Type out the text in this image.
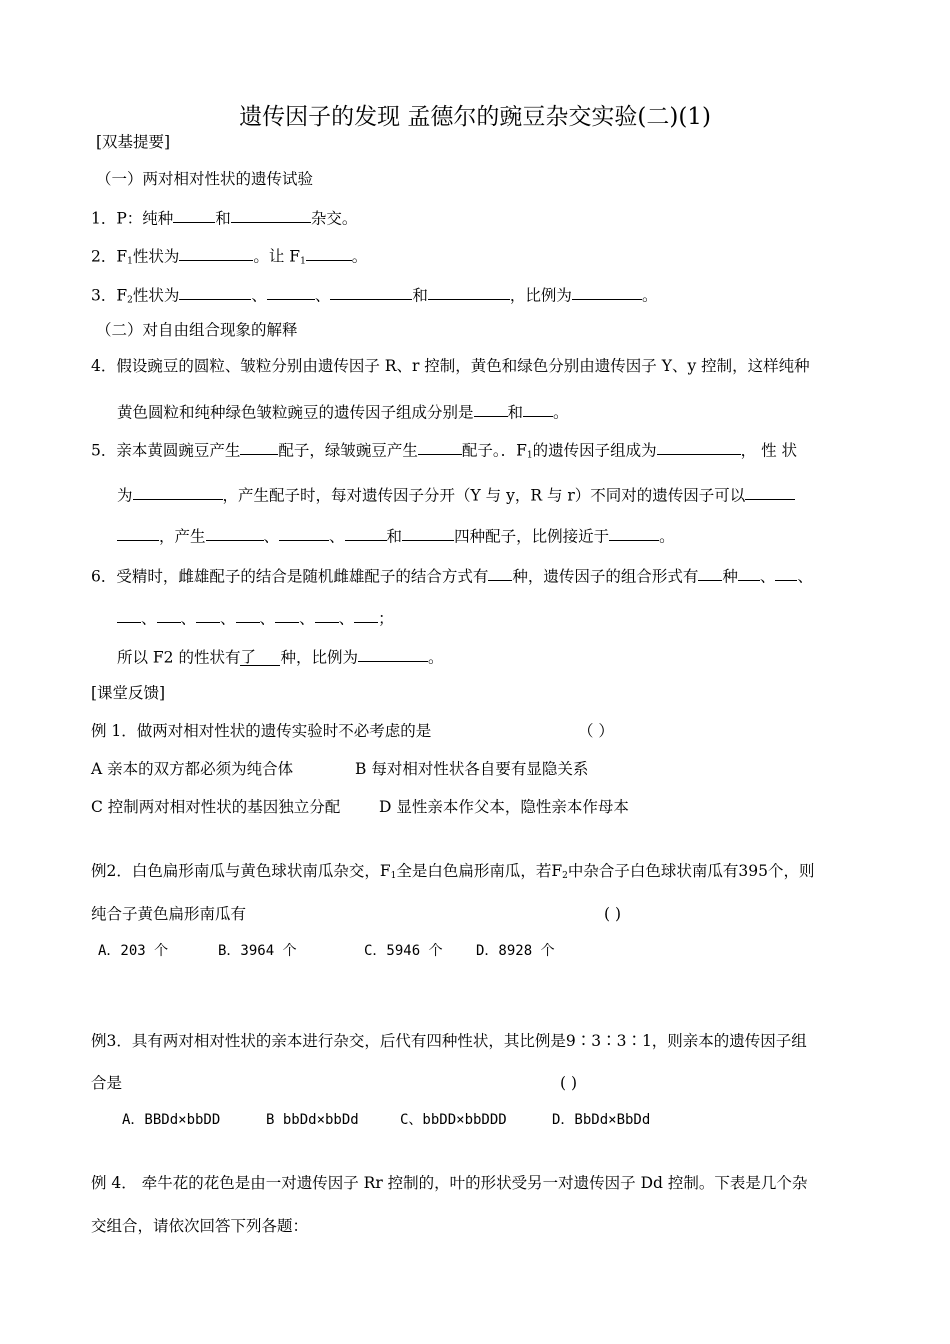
遗传因子的发现 孟德尔的豌豆杂交实验(二)(1)
[双基提要]
（一）两对相对性状的遗传试验
1．P：纯种	和	杂交。
2．$F_1$性状为	。让 $F_1$	。
3．$F_2$性状为	、	、	和	，比例为	。
（二）对自由组合现象的解释
4．假设豌豆的圆粒、皱粒分别由遗传因子 R、r 控制，黄色和绿色分别由遗传因子 Y、y 控制，这样纯种
黄色圆粒和纯种绿色皱粒豌豆的遗传因子组成分别是 和 。
5．亲本黄圆豌豆产生 配子，绿皱豌豆产生	配子。．$F_1$的遗传因子组成为	， 性 状
为	，产生配子时，每对遗传因子分开（Y 与 y，R 与 r）不同对的遗传因子可以
，产生	、	、	和	四种配子，比例接近于	。
6．受精时，雌雄配子的结合是随机雌雄配子的结合方式有 种，遗传因子的组合形式有 种 、 、
、 、 、 、 、 、 ；
所以 F2 的性状有了 种，比例为	。
[课堂反馈]
例 1．做两对相对性状的遗传实验时不必考虑的是	（ ）
A 亲本的双方都必须为纯合体	B 每对相对性状各自要有显隐关系
C 控制两对相对性状的基因独立分配 D 显性亲本作父本，隐性亲本作母本
例2．白色扁形南瓜与黄色球状南瓜杂交，$F_1$全是白色扁形南瓜，若$F_2$中杂合子白色球状南瓜有395个，则
纯合子黄色扁形南瓜有	( )
A．203 个	B．3964 个	C．5946 个 D．8928 个
例3．具有两对相对性状的亲本进行杂交，后代有四种性状，其比例是9∶3∶3∶1，则亲本的遗传因子组
合是	( )
A．BBDd×bbDD	B bbDd×bbDd	C、bbDD×bbDDD	D．BbDd×BbDd
例 4． 牵牛花的花色是由一对遗传因子 Rr 控制的，叶的形状受另一对遗传因子 Dd 控制。下表是几个杂
交组合，请依次回答下列各题：
